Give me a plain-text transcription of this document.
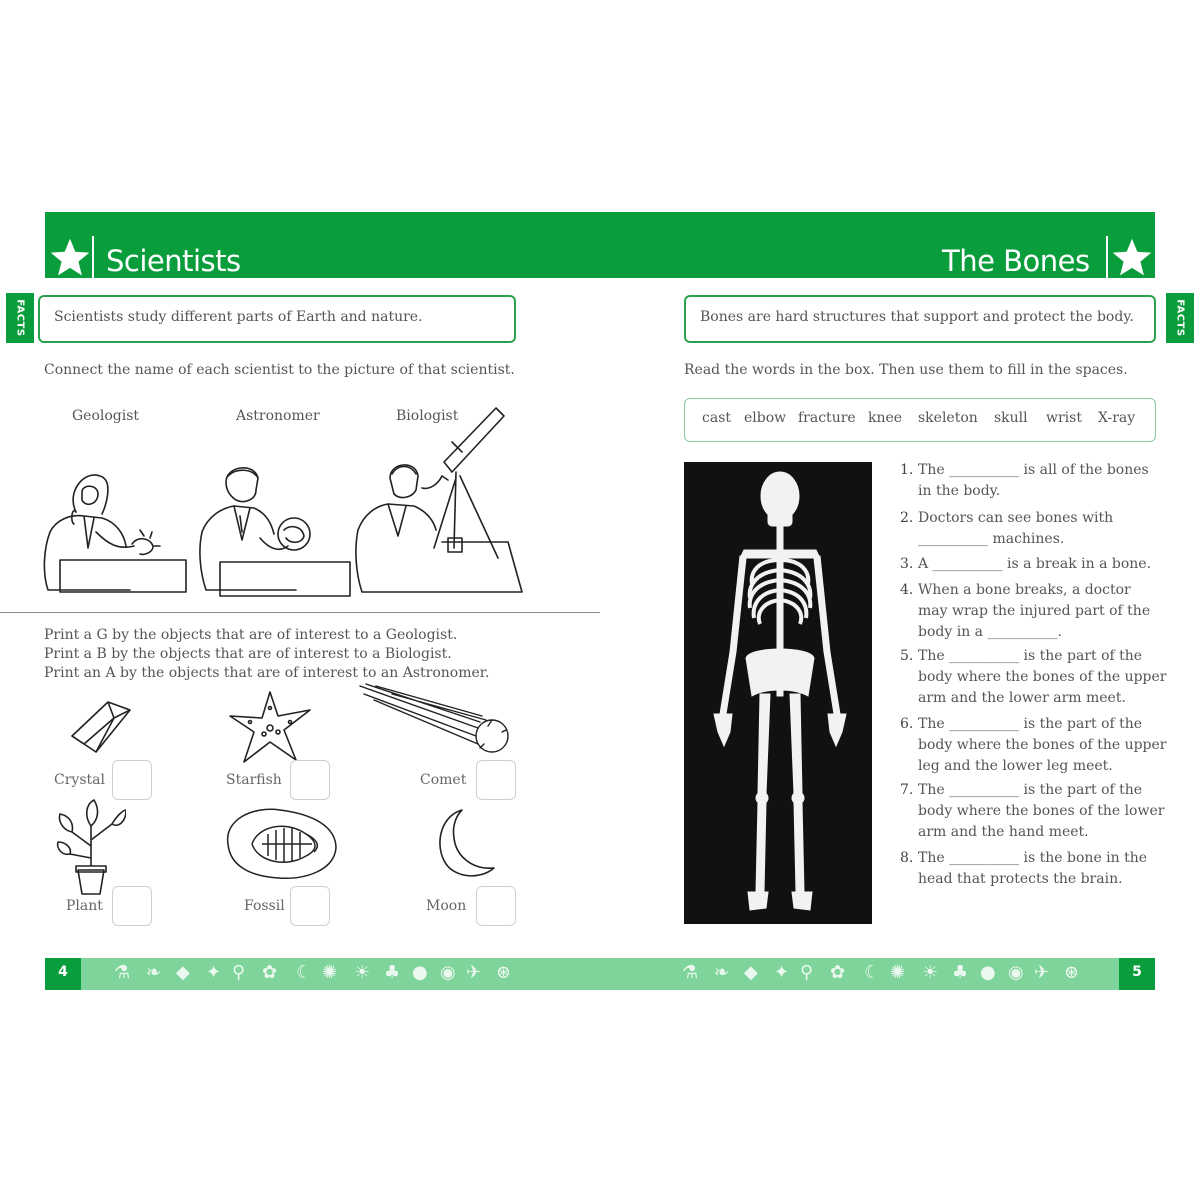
Scientists	The Bones
FACTS	FACTS
Scientists study different parts of Earth and nature.
Connect the name of each scientist to the picture of that scientist.
Geologist	Astronomer	Biologist
Print a G by the objects that are of interest to a Geologist.
Print a B by the objects that are of interest to a Biologist.
Print an A by the objects that are of interest to an Astronomer.
Crystal	Starfish	Comet
Plant	Fossil	Moon
Bones are hard structures that support and protect the body.
Read the words in the box. Then use them to fill in the spaces.
cast elbow fracture knee skeleton skull wrist X-ray
1. The __________ is all of the bones
in the body.
2. Doctors can see bones with
__________ machines.
3. A __________ is a break in a bone.
4. When a bone breaks, a doctor
may wrap the injured part of the
body in a __________.
5. The __________ is the part of the
body where the bones of the upper
arm and the lower arm meet.
6. The __________ is the part of the
body where the bones of the upper
leg and the lower leg meet.
7. The __________ is the part of the
body where the bones of the lower
arm and the hand meet.
8. The __________ is the bone in the
head that protects the brain.
4	5
⚗ ❧ ◆ ✦ ⚲ ✿ ☾ ✺ ☀ ♣ ● ◉ ✈ ⊛	⚗ ❧ ◆ ✦ ⚲ ✿ ☾ ✺ ☀ ♣ ● ◉ ✈ ⊛
